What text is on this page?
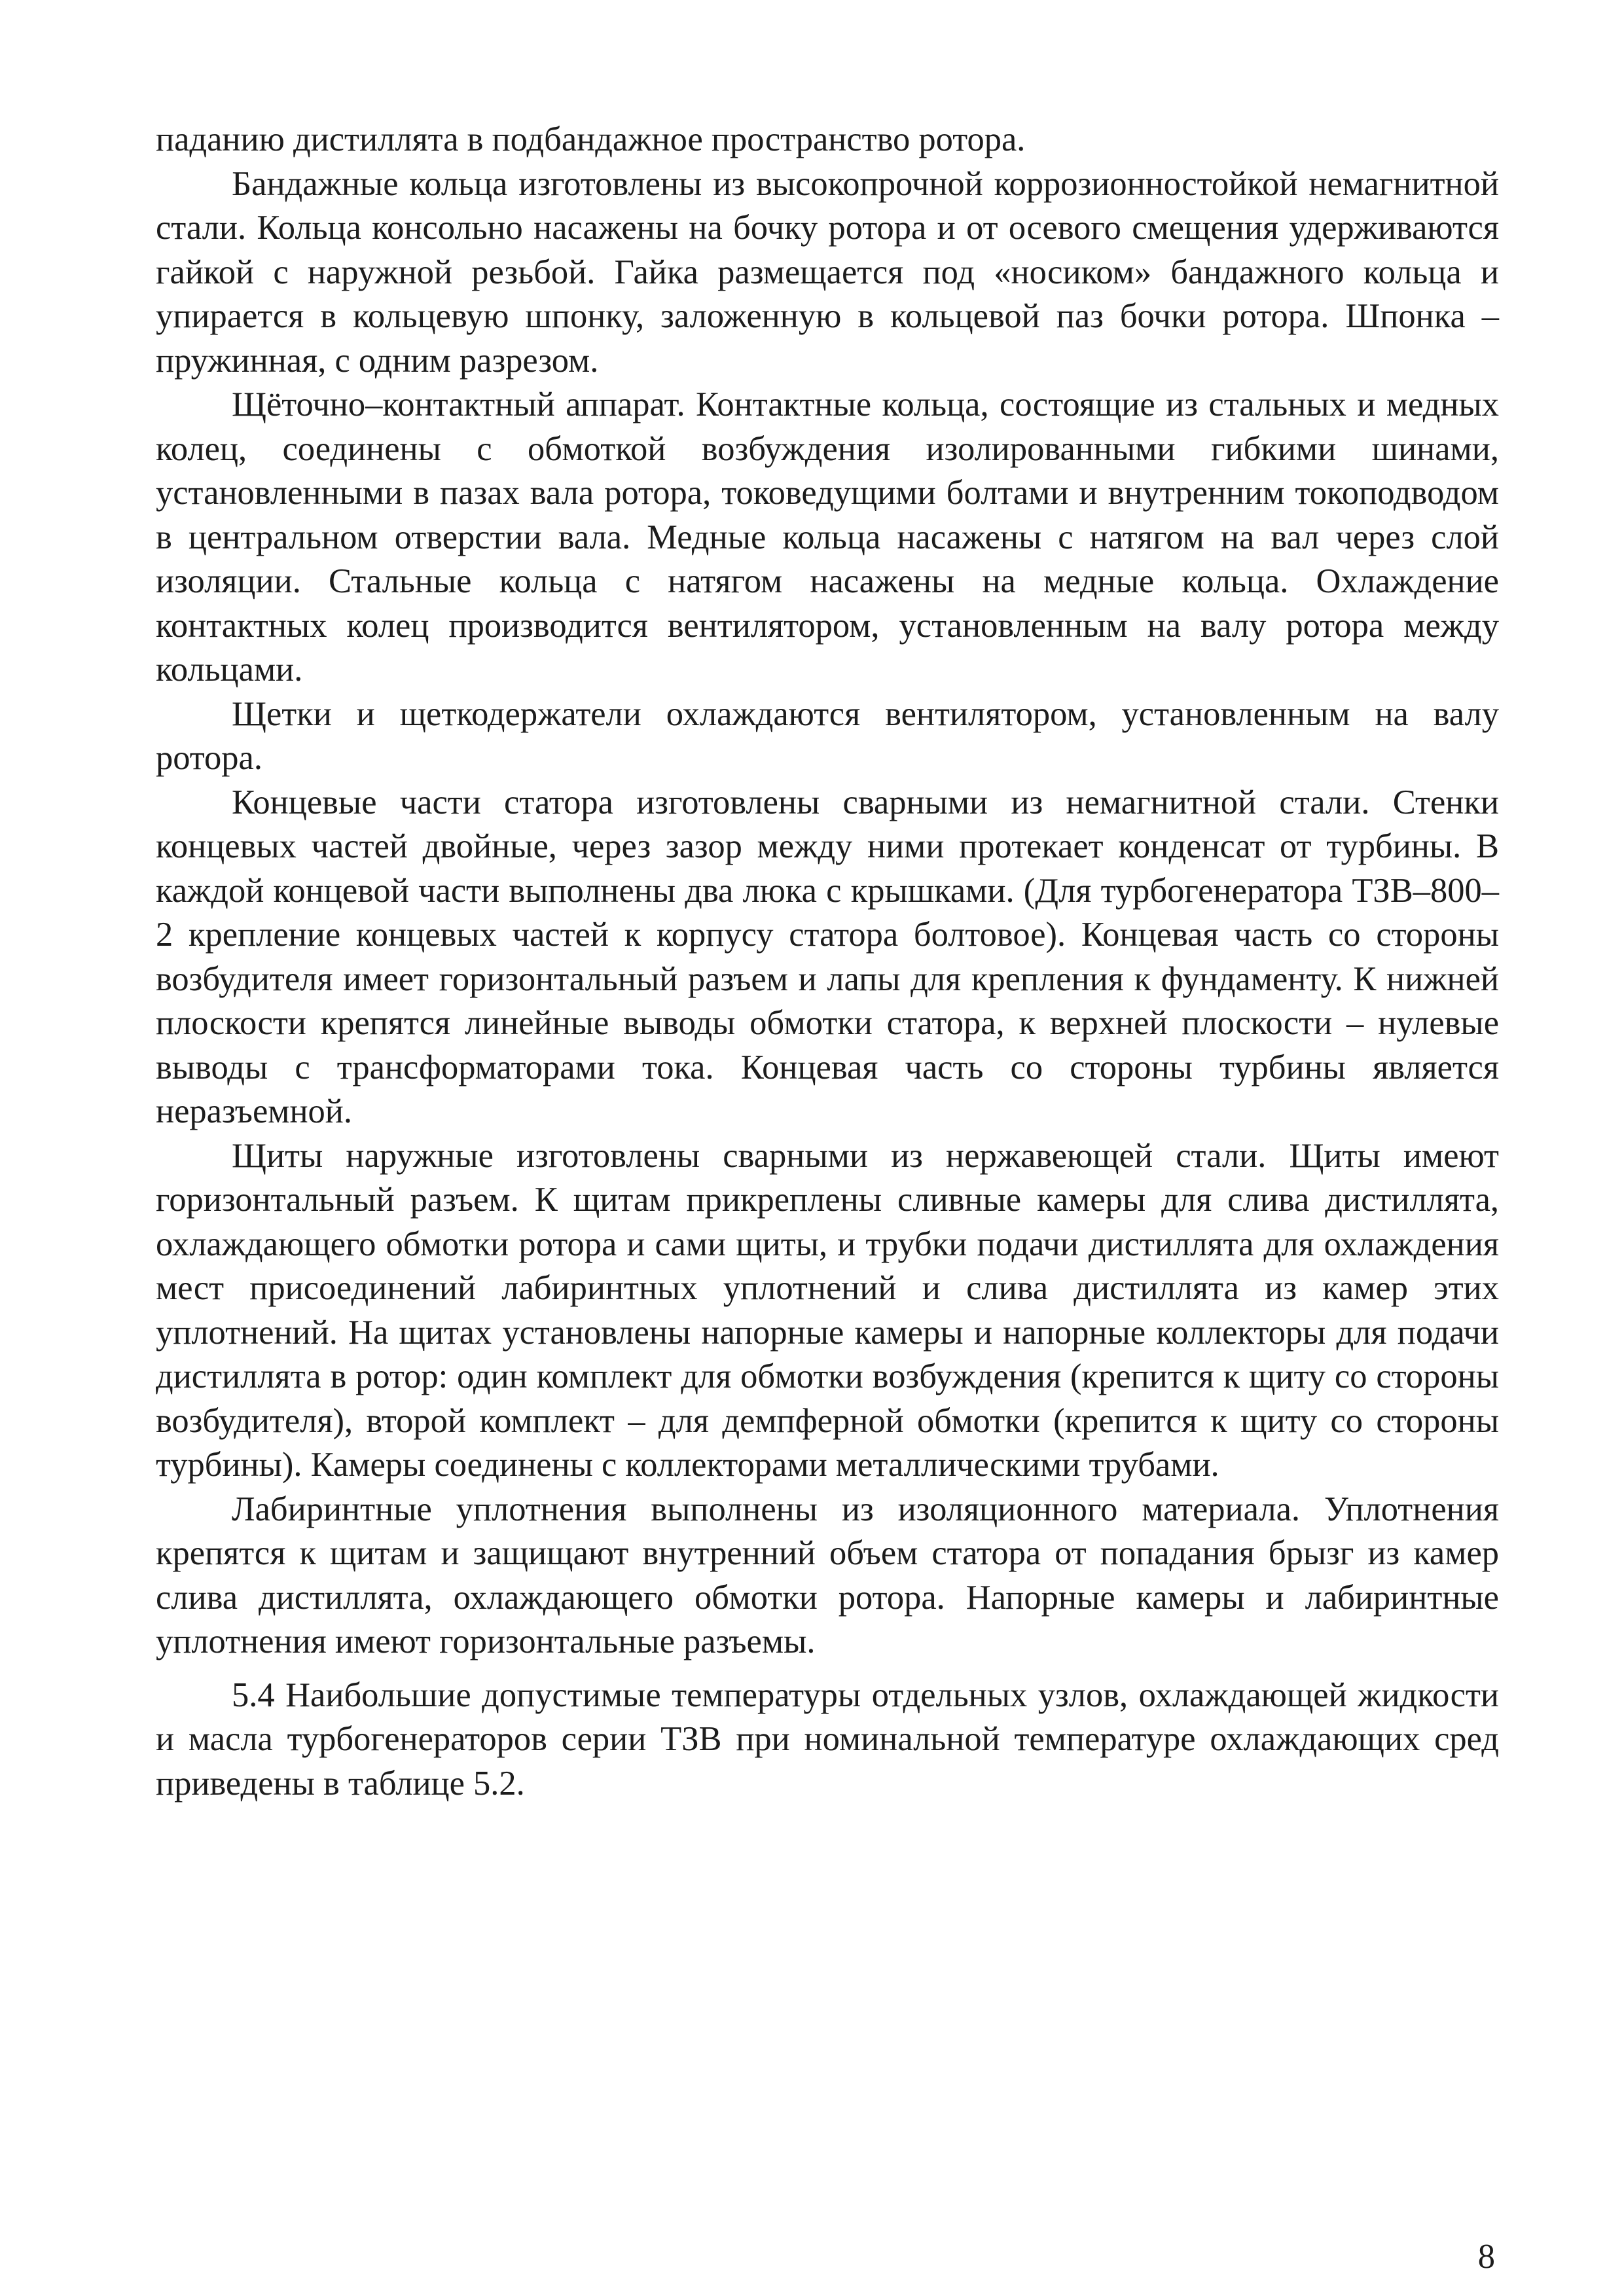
паданию дистиллята в подбандажное пространство ротора.

Бандажные кольца изготовлены из высокопрочной коррозионностойкой немагнитной стали. Кольца консольно насажены на бочку ротора и от осевого смещения удерживаются гайкой с наружной резьбой. Гайка размещается под «носиком» бандажного кольца и упирается в кольцевую шпонку, заложенную в кольцевой паз бочки ротора. Шпонка – пружинная, с одним разрезом.

Щёточно–контактный аппарат. Контактные кольца, состоящие из стальных и медных колец, соединены с обмоткой возбуждения изолированными гибкими шинами, установленными в пазах вала ротора, токоведущими болтами и внутренним токоподводом в центральном отверстии вала. Медные кольца насажены с натягом на вал через слой изоляции. Стальные кольца с натягом насажены на медные кольца. Охлаждение контактных колец производится вентилятором, установленным на валу ротора между кольцами.

Щетки и щеткодержатели охлаждаются вентилятором, установленным на валу ротора.

Концевые части статора изготовлены сварными из немагнитной стали. Стенки концевых частей двойные, через зазор между ними протекает конденсат от турбины. В каждой концевой части выполнены два люка с крышками. (Для турбогенератора ТЗВ–800–2 крепление концевых частей к корпусу статора болтовое). Концевая часть со стороны возбудителя имеет горизонтальный разъем и лапы для крепления к фундаменту. К нижней плоскости крепятся линейные выводы обмотки статора, к верхней плоскости – нулевые выводы с трансформаторами тока. Концевая часть со стороны турбины является неразъемной.

Щиты наружные изготовлены сварными из нержавеющей стали. Щиты имеют горизонтальный разъем. К щитам прикреплены сливные камеры для слива дистиллята, охлаждающего обмотки ротора и сами щиты, и трубки подачи дистиллята для охлаждения мест присоединений лабиринтных уплотнений и слива дистиллята из камер этих уплотнений. На щитах установлены напорные камеры и напорные коллекторы для подачи дистиллята в ротор: один комплект для обмотки возбуждения (крепится к щиту со стороны возбудителя), второй комплект – для демпферной обмотки (крепится к щиту со стороны турбины). Камеры соединены с коллекторами металлическими трубами.

Лабиринтные уплотнения выполнены из изоляционного материала. Уплотнения крепятся к щитам и защищают внутренний объем статора от попадания брызг из камер слива дистиллята, охлаждающего обмотки ротора. Напорные камеры и лабиринтные уплотнения имеют горизонтальные разъемы.

5.4 Наибольшие допустимые температуры отдельных узлов, охлаждающей жидкости и масла турбогенераторов серии ТЗВ при номинальной температуре охлаждающих сред приведены в таблице 5.2.

8
